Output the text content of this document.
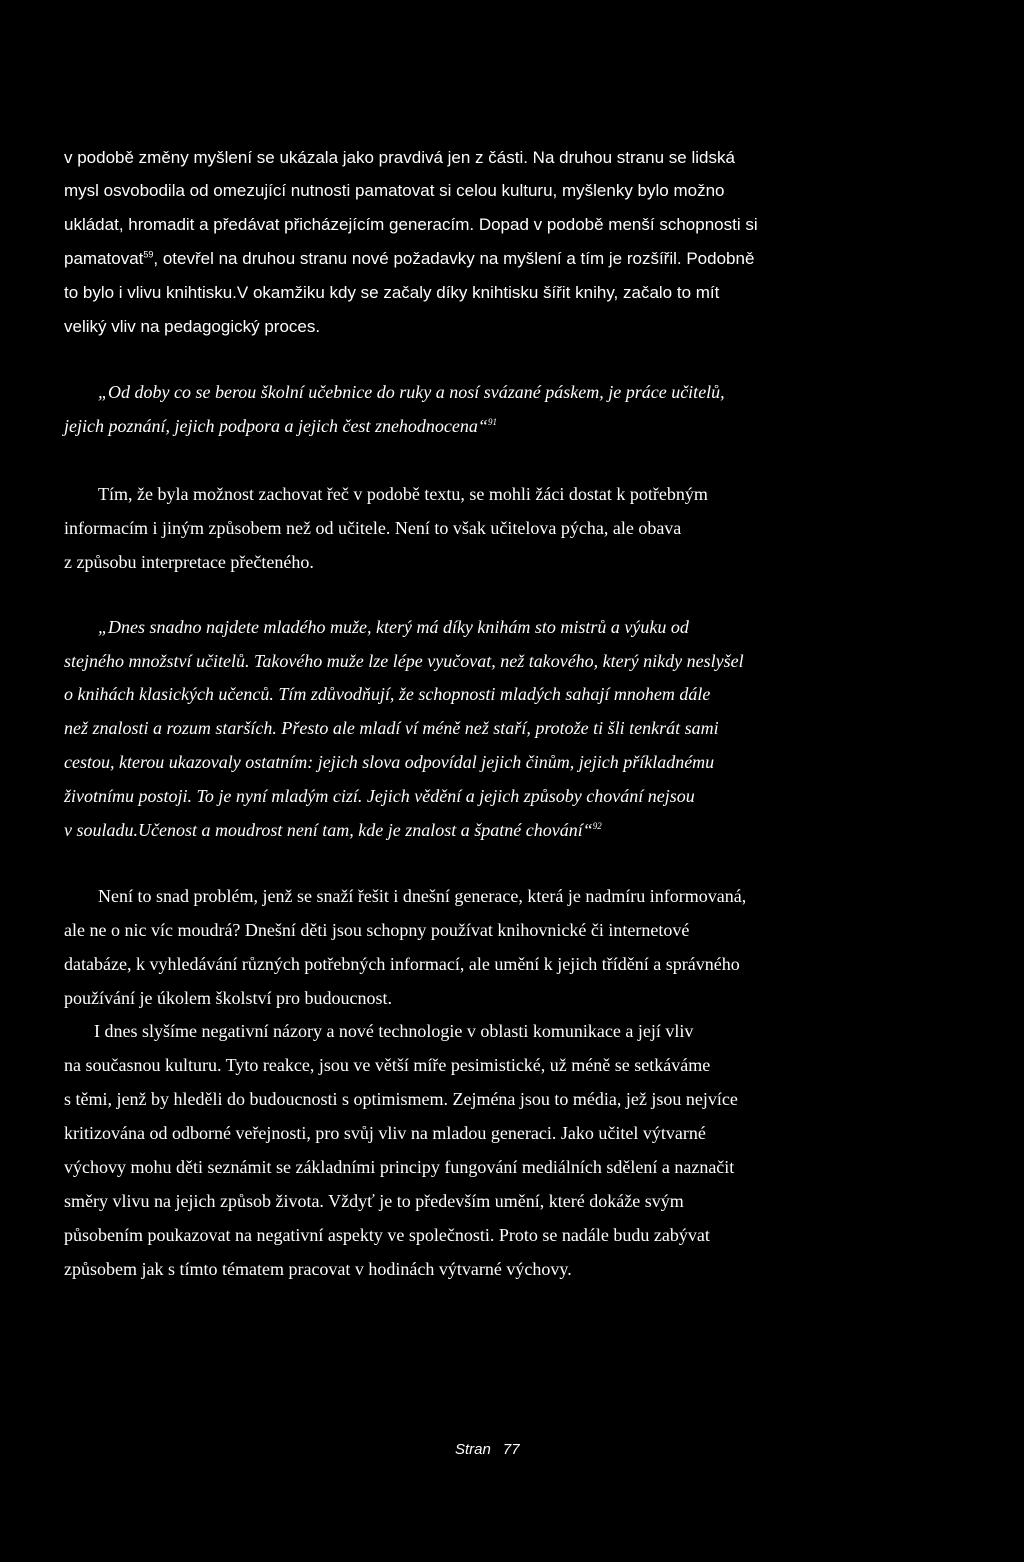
v podobě změny myšlení se ukázala jako pravdivá jen z části. Na druhou stranu se lidská
mysl osvobodila od omezující nutnosti pamatovat si celou kulturu, myšlenky bylo možno
ukládat, hromadit a předávat přicházejícím generacím. Dopad v podobě menší schopnosti si
pamatovat$^{59}$, otevřel na druhou stranu nové požadavky na myšlení a tím je rozšířil. Podobně
to bylo i vlivu knihtisku.V okamžiku kdy se začaly díky knihtisku šířit knihy, začalo to mít
veliký vliv na pedagogický proces.
„Od doby co se berou školní učebnice do ruky a nosí svázané páskem, je práce učitelů,
jejich poznání, jejich podpora a jejich čest znehodnocena“$^{91}$
Tím, že byla možnost zachovat řeč v podobě textu, se mohli žáci dostat k potřebným
informacím i jiným způsobem než od učitele. Není to však učitelova pýcha, ale obava
z způsobu interpretace přečteného.
„Dnes snadno najdete mladého muže, který má díky knihám sto mistrů a výuku od
stejného množství učitelů. Takového muže lze lépe vyučovat, než takového, který nikdy neslyšel
o knihách klasických učenců. Tím zdůvodňují, že schopnosti mladých sahají mnohem dále
než znalosti a rozum starších. Přesto ale mladí ví méně než staří, protože ti šli tenkrát sami
cestou, kterou ukazovaly ostatním: jejich slova odpovídal jejich činům, jejich příkladnému
životnímu postoji. To je nyní mladým cizí. Jejich vědění a jejich způsoby chování nejsou
v souladu.Učenost a moudrost není tam, kde je znalost a špatné chování“$^{92}$
Není to snad problém, jenž se snaží řešit i dnešní generace, která je nadmíru informovaná,
ale ne o nic víc moudrá? Dnešní děti jsou schopny používat knihovnické či internetové
databáze, k vyhledávání různých potřebných informací, ale umění k jejich třídění a správného
používání je úkolem školství pro budoucnost.
I dnes slyšíme negativní názory a nové technologie v oblasti komunikace a její vliv
na současnou kulturu. Tyto reakce, jsou ve větší míře pesimistické, už méně se setkáváme
s těmi, jenž by hleděli do budoucnosti s optimismem. Zejména jsou to média, jež jsou nejvíce
kritizována od odborné veřejnosti, pro svůj vliv na mladou generaci. Jako učitel výtvarné
výchovy mohu děti seznámit se základními principy fungování mediálních sdělení a naznačit
směry vlivu na jejich způsob života. Vždyť je to především umění, které dokáže svým
působením poukazovat na negativní aspekty ve společnosti. Proto se nadále budu zabývat
způsobem jak s tímto tématem pracovat v hodinách výtvarné výchovy.
Stran 77
